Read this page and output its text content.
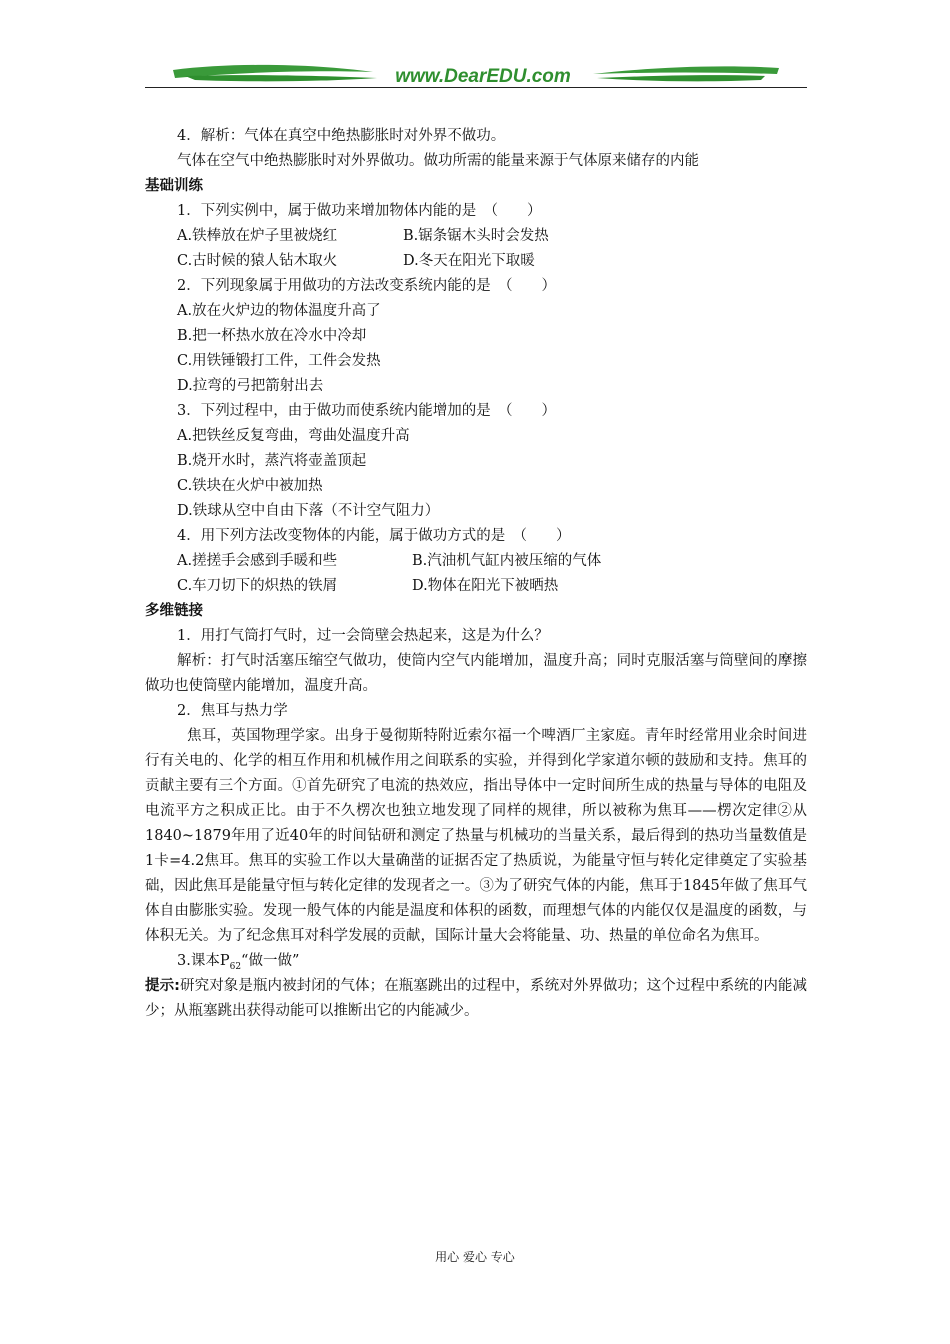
www.DearEDU.com
4．解析：气体在真空中绝热膨胀时对外界不做功。
气体在空气中绝热膨胀时对外界做功。做功所需的能量来源于气体原来储存的内能
基础训练
1．下列实例中，属于做功来增加物体内能的是　（　　）
A.铁棒放在炉子里被烧红	B.锯条锯木头时会发热
C.古时候的猿人钻木取火	D.冬天在阳光下取暖
2．下列现象属于用做功的方法改变系统内能的是　（　　）
A.放在火炉边的物体温度升高了
B.把一杯热水放在冷水中冷却
C.用铁锤锻打工件，工件会发热
D.拉弯的弓把箭射出去
3．下列过程中，由于做功而使系统内能增加的是　（　　）
A.把铁丝反复弯曲，弯曲处温度升高
B.烧开水时，蒸汽将壶盖顶起
C.铁块在火炉中被加热
D.铁球从空中自由下落（不计空气阻力）
4．用下列方法改变物体的内能，属于做功方式的是　（　　）
A.搓搓手会感到手暖和些	B.汽油机气缸内被压缩的气体
C.车刀切下的炽热的铁屑	D.物体在阳光下被晒热
多维链接
1．用打气筒打气时，过一会筒壁会热起来，这是为什么？
解析：打气时活塞压缩空气做功，使筒内空气内能增加，温度升高；同时克服活塞与筒壁间的摩擦做功也使筒壁内能增加，温度升高。
2．焦耳与热力学
焦耳，英国物理学家。出身于曼彻斯特附近索尔福一个啤酒厂主家庭。青年时经常用业余时间进行有关电的、化学的相互作用和机械作用之间联系的实验，并得到化学家道尔顿的鼓励和支持。焦耳的贡献主要有三个方面。①首先研究了电流的热效应，指出导体中一定时间所生成的热量与导体的电阻及电流平方之积成正比。由于不久楞次也独立地发现了同样的规律，所以被称为焦耳——楞次定律②从1840~1879年用了近40年的时间钻研和测定了热量与机械功的当量关系，最后得到的热功当量数值是1卡=4.2焦耳。焦耳的实验工作以大量确凿的证据否定了热质说，为能量守恒与转化定律奠定了实验基础，因此焦耳是能量守恒与转化定律的发现者之一。③为了研究气体的内能，焦耳于1845年做了焦耳气体自由膨胀实验。发现一般气体的内能是温度和体积的函数，而理想气体的内能仅仅是温度的函数，与体积无关。为了纪念焦耳对科学发展的贡献，国际计量大会将能量、功、热量的单位命名为焦耳。
3.课本$P_{62}“$做一做”
提示:研究对象是瓶内被封闭的气体；在瓶塞跳出的过程中，系统对外界做功；这个过程中系统的内能减少；从瓶塞跳出获得动能可以推断出它的内能减少。
用心 爱心 专心
